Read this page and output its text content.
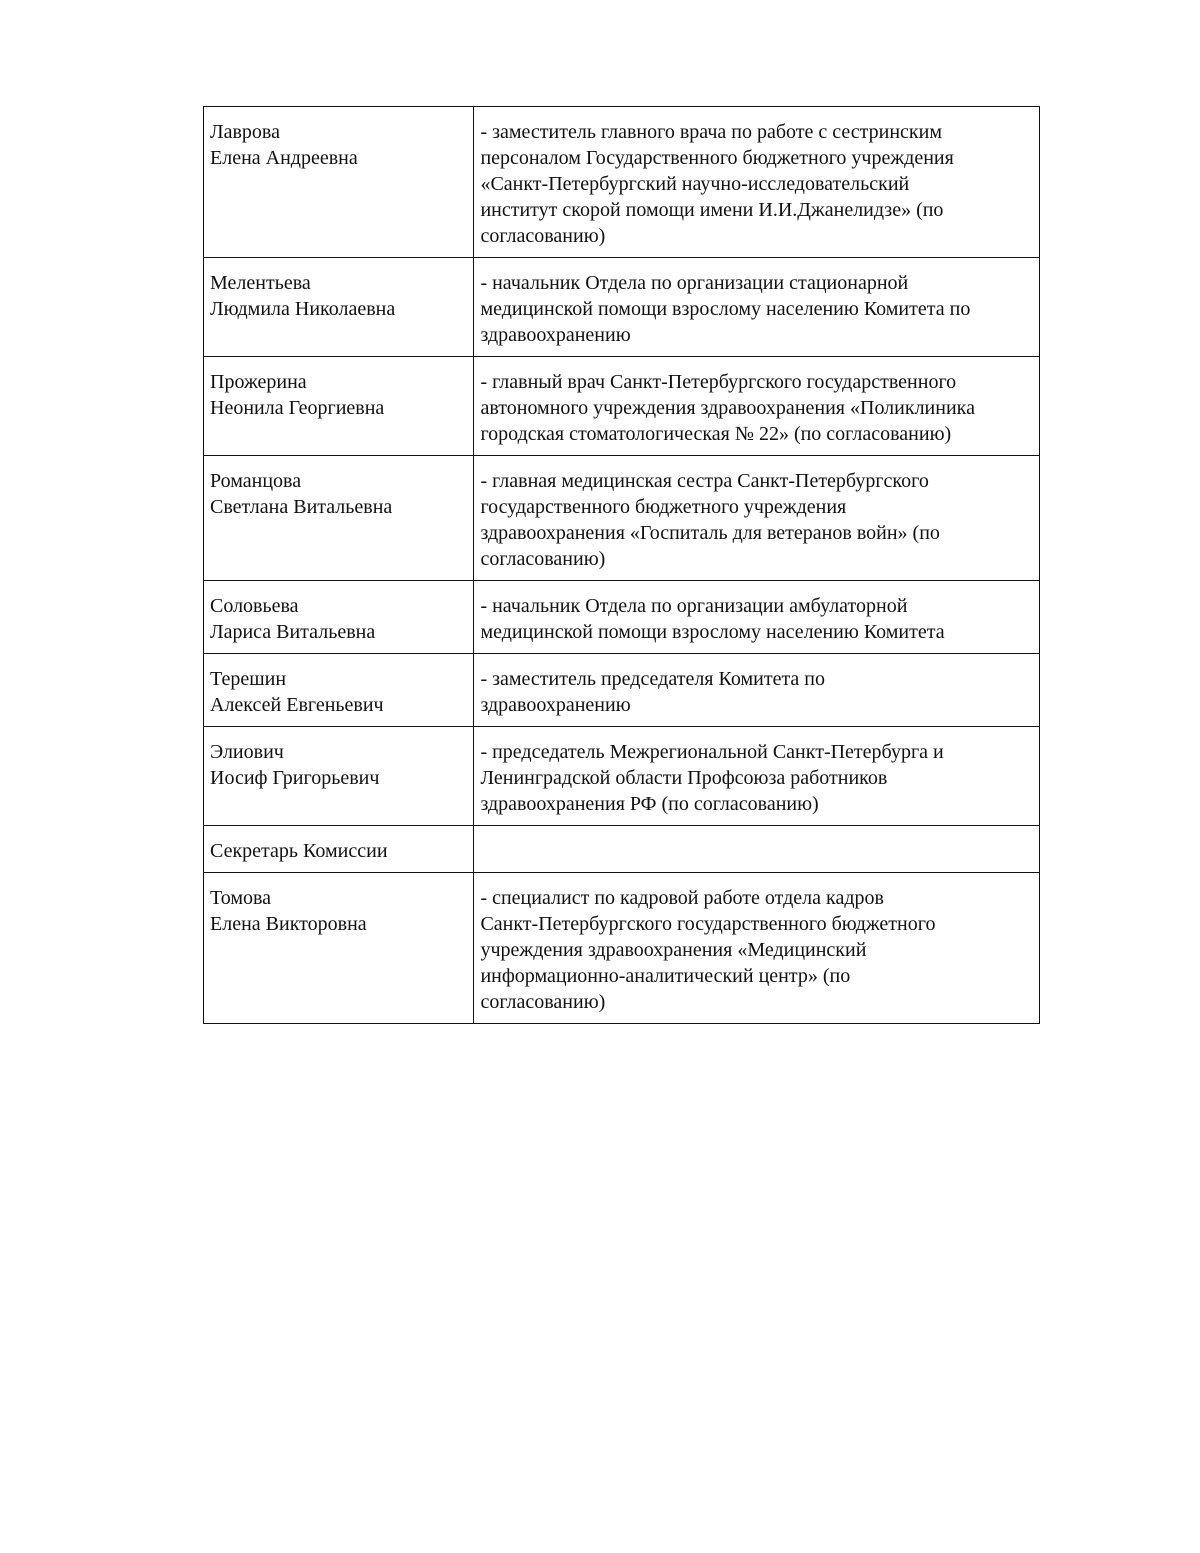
Лаврова
Елена Андреевна	- заместитель главного врача по работе с сестринским
персоналом Государственного бюджетного учреждения
«Санкт-Петербургский научно-исследовательский
институт скорой помощи имени И.И.Джанелидзе» (по
согласованию)

Мелентьева
Людмила Николаевна	- начальник Отдела по организации стационарной
медицинской помощи взрослому населению Комитета по
здравоохранению

Прожерина
Неонила Георгиевна	- главный врач Санкт-Петербургского государственного
автономного учреждения здравоохранения «Поликлиника
городская стоматологическая № 22» (по согласованию)

Романцова
Светлана Витальевна	- главная медицинская сестра Санкт-Петербургского
государственного бюджетного учреждения
здравоохранения «Госпиталь для ветеранов войн» (по
согласованию)

Соловьева
Лариса Витальевна	- начальник Отдела по организации амбулаторной
медицинской помощи взрослому населению Комитета

Терешин
Алексей Евгеньевич	- заместитель председателя Комитета по
здравоохранению

Элиович
Иосиф Григорьевич	- председатель Межрегиональной Санкт-Петербурга и
Ленинградской области Профсоюза работников
здравоохранения РФ (по согласованию)

Секретарь Комиссии	

Томова
Елена Викторовна	- специалист по кадровой работе отдела кадров
Санкт-Петербургского государственного бюджетного
учреждения здравоохранения «Медицинский
информационно-аналитический центр» (по
согласованию)
